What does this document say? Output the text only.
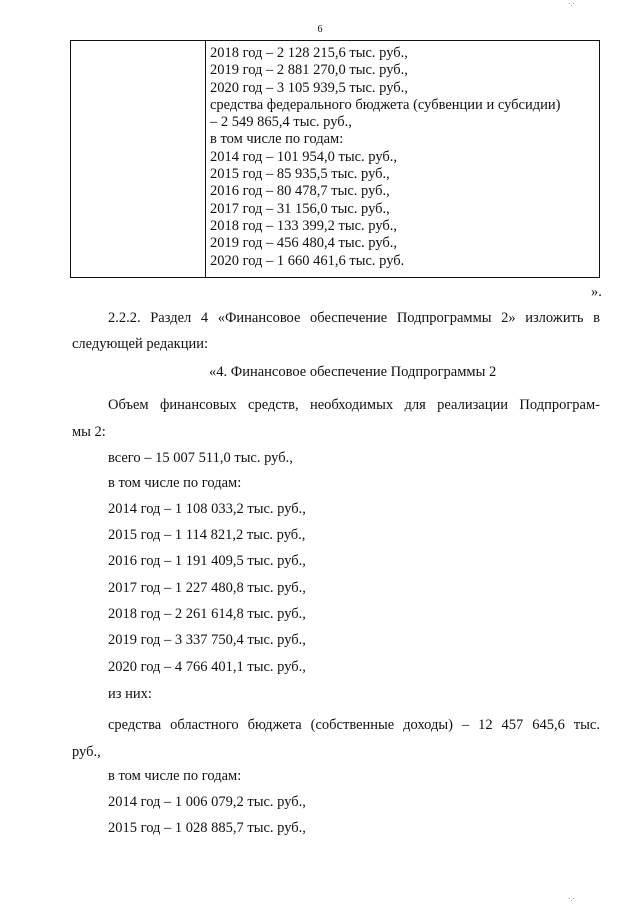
6
2018 год – 2 128 215,6 тыс. руб.,
2019 год – 2 881 270,0 тыс. руб.,
2020 год – 3 105 939,5 тыс. руб.,
средства федерального бюджета (субвенции и субсидии)
– 2 549 865,4 тыс. руб.,
в том числе по годам:
2014 год – 101 954,0 тыс. руб.,
2015 год – 85 935,5 тыс. руб.,
2016 год – 80 478,7 тыс. руб.,
2017 год – 31 156,0 тыс. руб.,
2018 год – 133 399,2 тыс. руб.,
2019 год – 456 480,4 тыс. руб.,
2020 год – 1 660 461,6 тыс. руб.
».
2.2.2. Раздел 4 «Финансовое обеспечение Подпрограммы 2» изложить в
следующей редакции:
«4. Финансовое обеспечение Подпрограммы 2
Объем финансовых средств, необходимых для реализации Подпрограм-
мы 2:
всего – 15 007 511,0 тыс. руб.,
в том числе по годам:
2014 год – 1 108 033,2 тыс. руб.,
2015 год – 1 114 821,2 тыс. руб.,
2016 год – 1 191 409,5 тыс. руб.,
2017 год – 1 227 480,8 тыс. руб.,
2018 год – 2 261 614,8 тыс. руб.,
2019 год – 3 337 750,4 тыс. руб.,
2020 год – 4 766 401,1 тыс. руб.,
из них:
средства областного бюджета (собственные доходы) – 12 457 645,6 тыс.
руб.,
в том числе по годам:
2014 год – 1 006 079,2 тыс. руб.,
2015 год – 1 028 885,7 тыс. руб.,
·.·
·.·
